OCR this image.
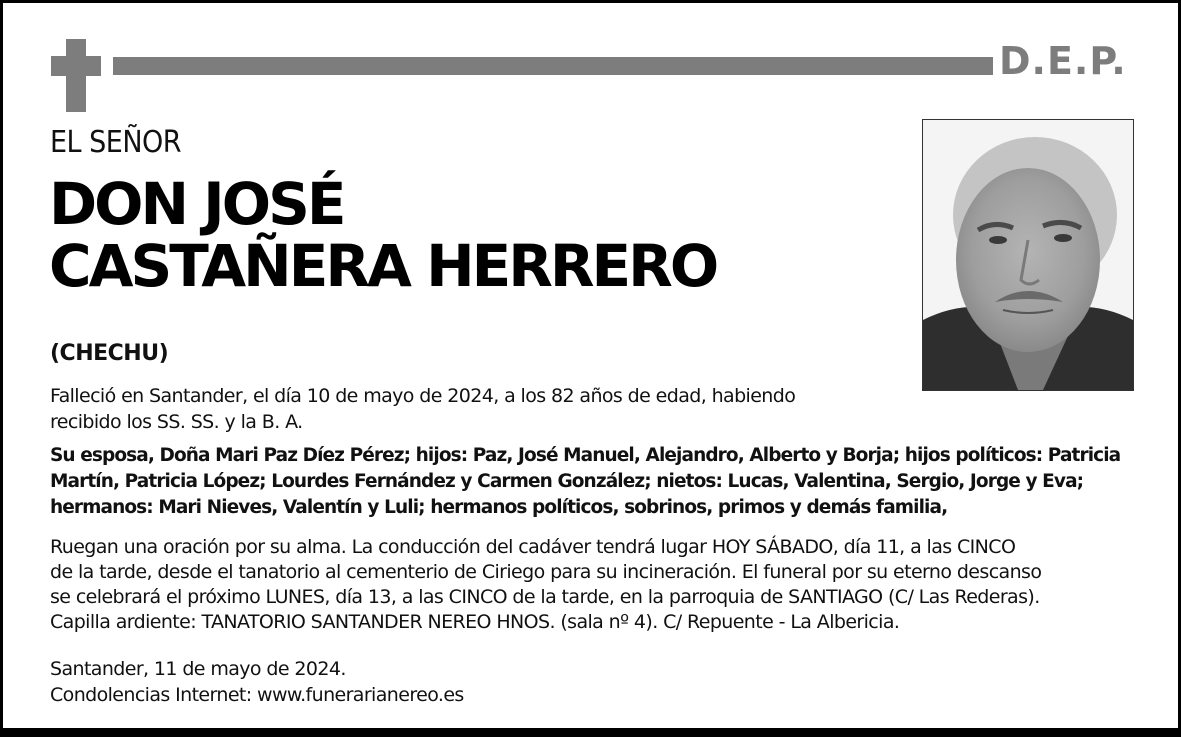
D.E.P.
EL SEÑOR
DON JOSÉ
CASTAÑERA HERRERO
(CHECHU)
Falleció en Santander, el día 10 de mayo de 2024, a los 82 años de edad, habiendo
recibido los SS. SS. y la B. A.
Su esposa, Doña Mari Paz Díez Pérez; hijos: Paz, José Manuel, Alejandro, Alberto y Borja; hijos políticos: Patricia
Martín, Patricia López; Lourdes Fernández y Carmen González; nietos: Lucas, Valentina, Sergio, Jorge y Eva;
hermanos: Mari Nieves, Valentín y Luli; hermanos políticos, sobrinos, primos y demás familia,
Ruegan una oración por su alma. La conducción del cadáver tendrá lugar HOY SÁBADO, día 11, a las CINCO
de la tarde, desde el tanatorio al cementerio de Ciriego para su incineración. El funeral por su eterno descanso
se celebrará el próximo LUNES, día 13, a las CINCO de la tarde, en la parroquia de SANTIAGO (C/ Las Rederas).
Capilla ardiente: TANATORIO SANTANDER NEREO HNOS. (sala nº 4). C/ Repuente - La Albericia.
Santander, 11 de mayo de 2024.
Condolencias Internet: www.funerarianereo.es
